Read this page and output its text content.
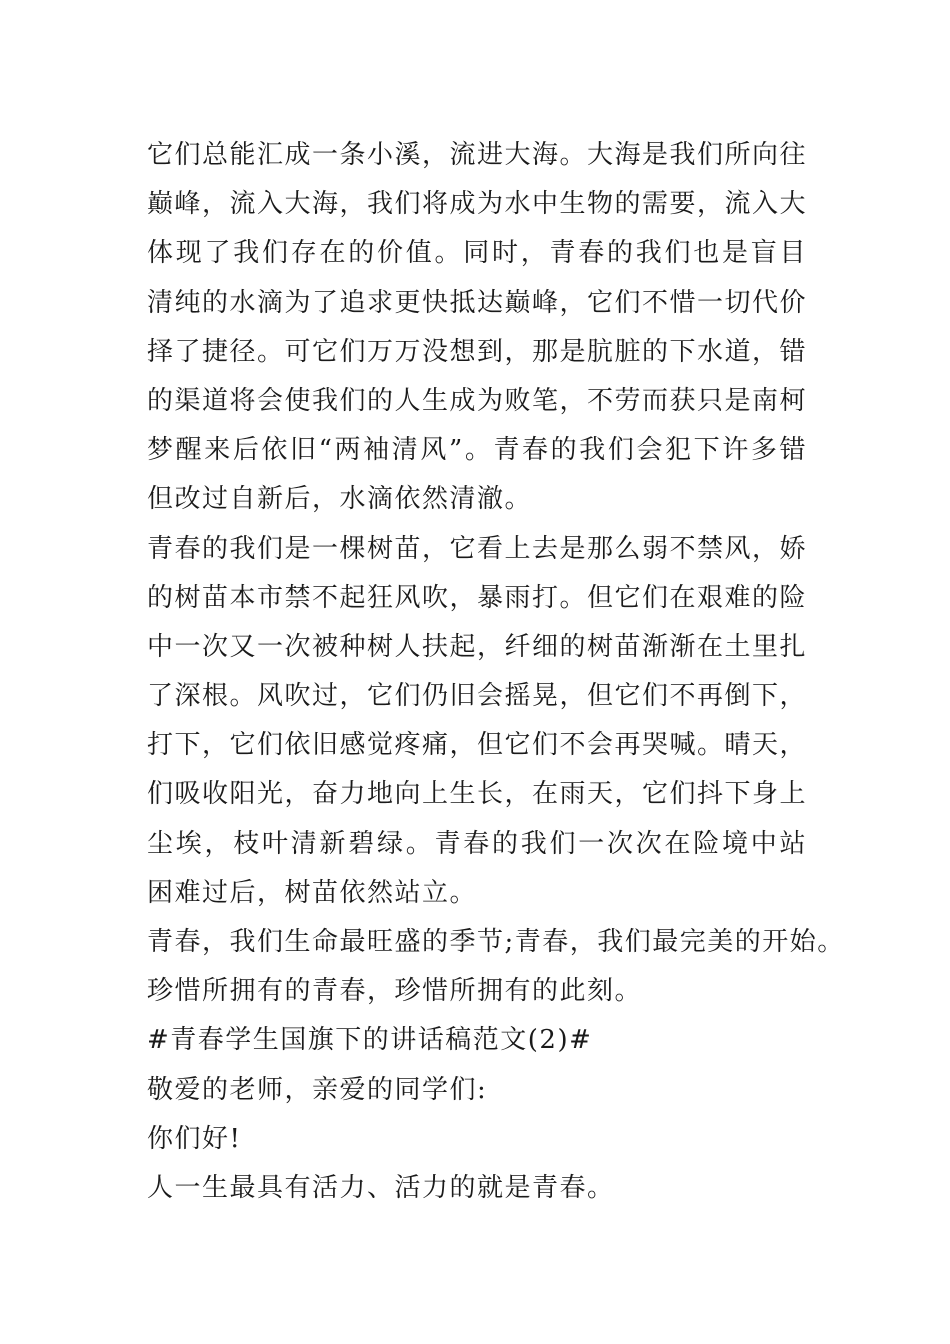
它们总能汇成一条小溪，流进大海。大海是我们所向往
巅峰，流入大海，我们将成为水中生物的需要，流入大
体现了我们存在的价值。同时，青春的我们也是盲目
清纯的水滴为了追求更快抵达巅峰，它们不惜一切代价
择了捷径。可它们万万没想到，那是肮脏的下水道，错
的渠道将会使我们的人生成为败笔，不劳而获只是南柯
梦醒来后依旧“两袖清风”。青春的我们会犯下许多错
但改过自新后，水滴依然清澈。
青春的我们是一棵树苗，它看上去是那么弱不禁风，娇
的树苗本市禁不起狂风吹，暴雨打。但它们在艰难的险
中一次又一次被种树人扶起，纤细的树苗渐渐在土里扎
了深根。风吹过，它们仍旧会摇晃，但它们不再倒下，
打下，它们依旧感觉疼痛，但它们不会再哭喊。晴天，
们吸收阳光，奋力地向上生长，在雨天，它们抖下身上
尘埃，枝叶清新碧绿。青春的我们一次次在险境中站
困难过后，树苗依然站立。
青春，我们生命最旺盛的季节;青春，我们最完美的开始。
珍惜所拥有的青春，珍惜所拥有的此刻。
#青春学生国旗下的讲话稿范文(2)#
敬爱的老师，亲爱的同学们:
你们好!
人一生最具有活力、活力的就是青春。
